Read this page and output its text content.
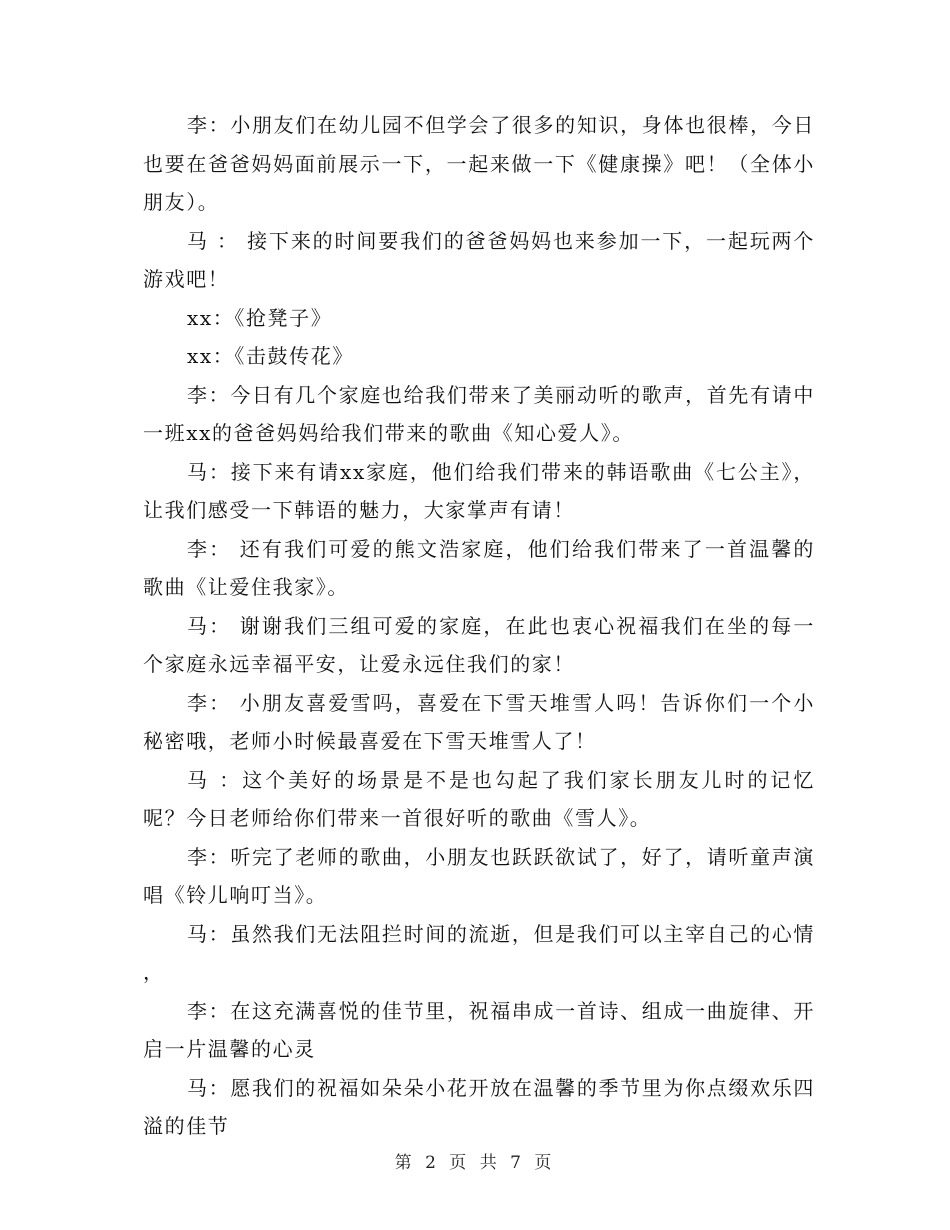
李：小朋友们在幼儿园不但学会了很多的知识，身体也很棒，今日也要在爸爸妈妈面前展示一下，一起来做一下《健康操》吧！（全体小朋友）。

马 ： 接下来的时间要我们的爸爸妈妈也来参加一下，一起玩两个游戏吧！

xx：《抢凳子》

xx：《击鼓传花》

李：今日有几个家庭也给我们带来了美丽动听的歌声，首先有请中一班xx的爸爸妈妈给我们带来的歌曲《知心爱人》。

马：接下来有请xx家庭，他们给我们带来的韩语歌曲《七公主》，让我们感受一下韩语的魅力，大家掌声有请！

李： 还有我们可爱的熊文浩家庭，他们给我们带来了一首温馨的歌曲《让爱住我家》。

马： 谢谢我们三组可爱的家庭，在此也衷心祝福我们在坐的每一个家庭永远幸福平安，让爱永远住我们的家！

李： 小朋友喜爱雪吗，喜爱在下雪天堆雪人吗！告诉你们一个小秘密哦，老师小时候最喜爱在下雪天堆雪人了！

马 ：这个美好的场景是不是也勾起了我们家长朋友儿时的记忆呢？今日老师给你们带来一首很好听的歌曲《雪人》。

李：听完了老师的歌曲，小朋友也跃跃欲试了，好了，请听童声演唱《铃儿响叮当》。

马：虽然我们无法阻拦时间的流逝，但是我们可以主宰自己的心情 ，

李：在这充满喜悦的佳节里，祝福串成一首诗、组成一曲旋律、开启一片温馨的心灵

马：愿我们的祝福如朵朵小花开放在温馨的季节里为你点缀欢乐四溢的佳节

第 2 页 共 7 页
